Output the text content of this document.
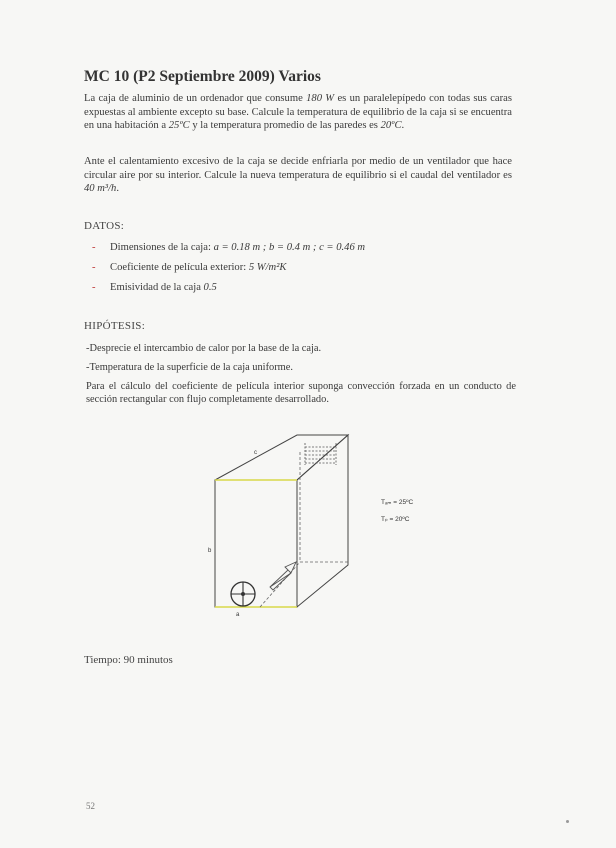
MC 10 (P2 Septiembre 2009) Varios
La caja de aluminio de un ordenador que consume 180 W es un paralelepípedo con todas sus caras expuestas al ambiente excepto su base. Calcule la temperatura de equilibrio de la caja si se encuentra en una habitación a 25ºC y la temperatura promedio de las paredes es 20ºC.
Ante el calentamiento excesivo de la caja se decide enfriarla por medio de un ventilador que hace circular aire por su interior. Calcule la nueva temperatura de equilibrio si el caudal del ventilador es 40 m³/h.
DATOS:
- Dimensiones de la caja: a = 0.18 m ; b = 0.4 m ; c = 0.46 m
- Coeficiente de película exterior: 5 W/m²K
- Emisividad de la caja 0.5
HIPÓTESIS:
-Desprecie el intercambio de calor por la base de la caja.
-Temperatura de la superficie de la caja uniforme.
Para el cálculo del coeficiente de película interior suponga convección forzada en un conducto de sección rectangular con flujo completamente desarrollado.
c
b
a
Tₐₘ = 25ºC
Tₚ = 20ºC
Tiempo: 90 minutos
52
